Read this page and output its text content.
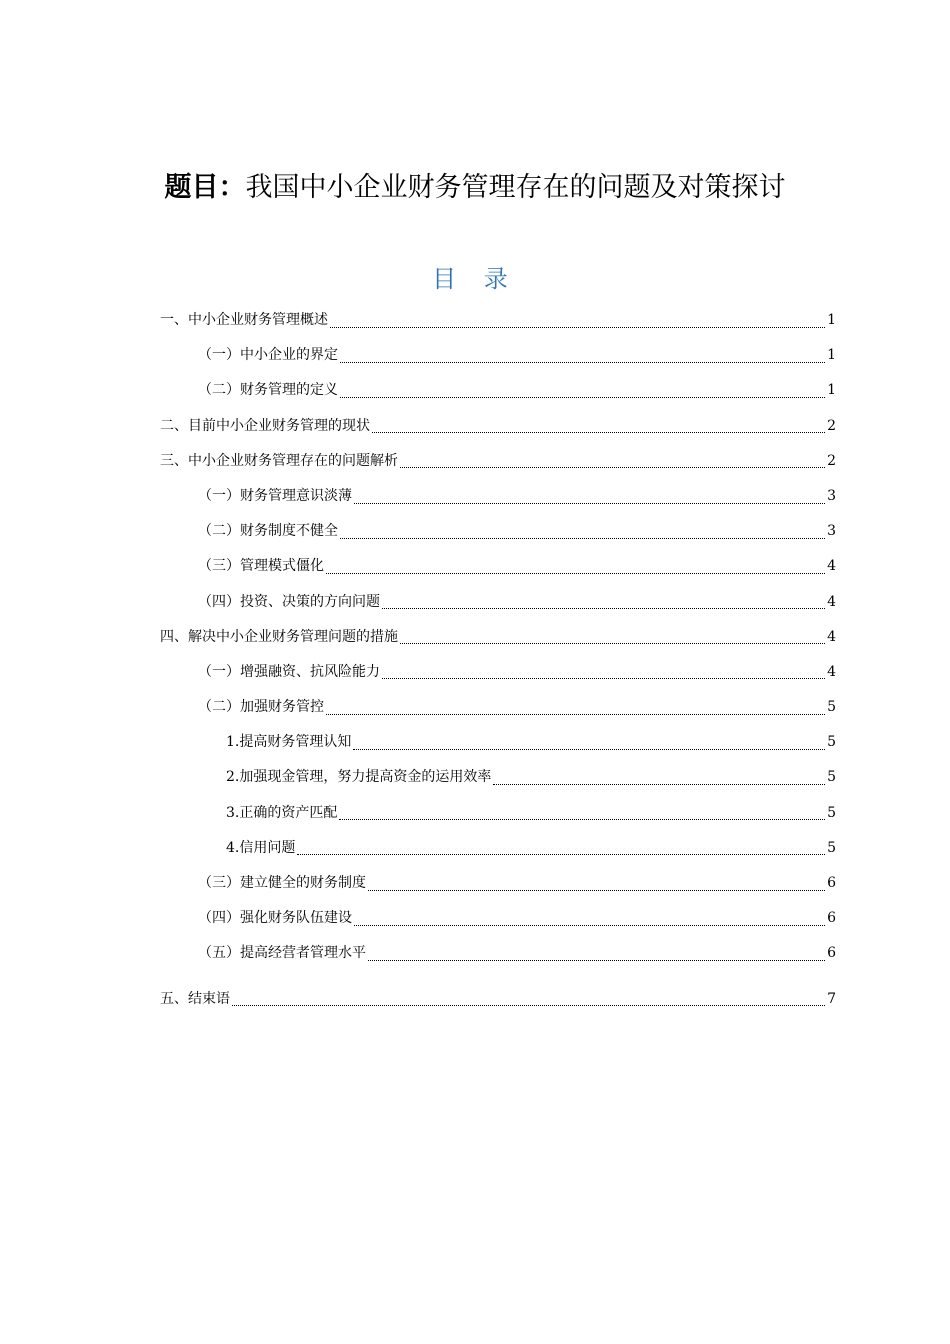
题目：我国中小企业财务管理存在的问题及对策探讨
目 录
一、中小企业财务管理概述	1
（一）中小企业的界定	1
（二）财务管理的定义	1
二、目前中小企业财务管理的现状	2
三、中小企业财务管理存在的问题解析	2
（一）财务管理意识淡薄	3
（二）财务制度不健全	3
（三）管理模式僵化	4
（四）投资、决策的方向问题	4
四、解决中小企业财务管理问题的措施	4
（一）增强融资、抗风险能力	4
（二）加强财务管控	5
1.提高财务管理认知	5
2.加强现金管理，努力提高资金的运用效率	5
3.正确的资产匹配	5
4.信用问题	5
（三）建立健全的财务制度	6
（四）强化财务队伍建设	6
（五）提高经营者管理水平	6
五、结束语	7
